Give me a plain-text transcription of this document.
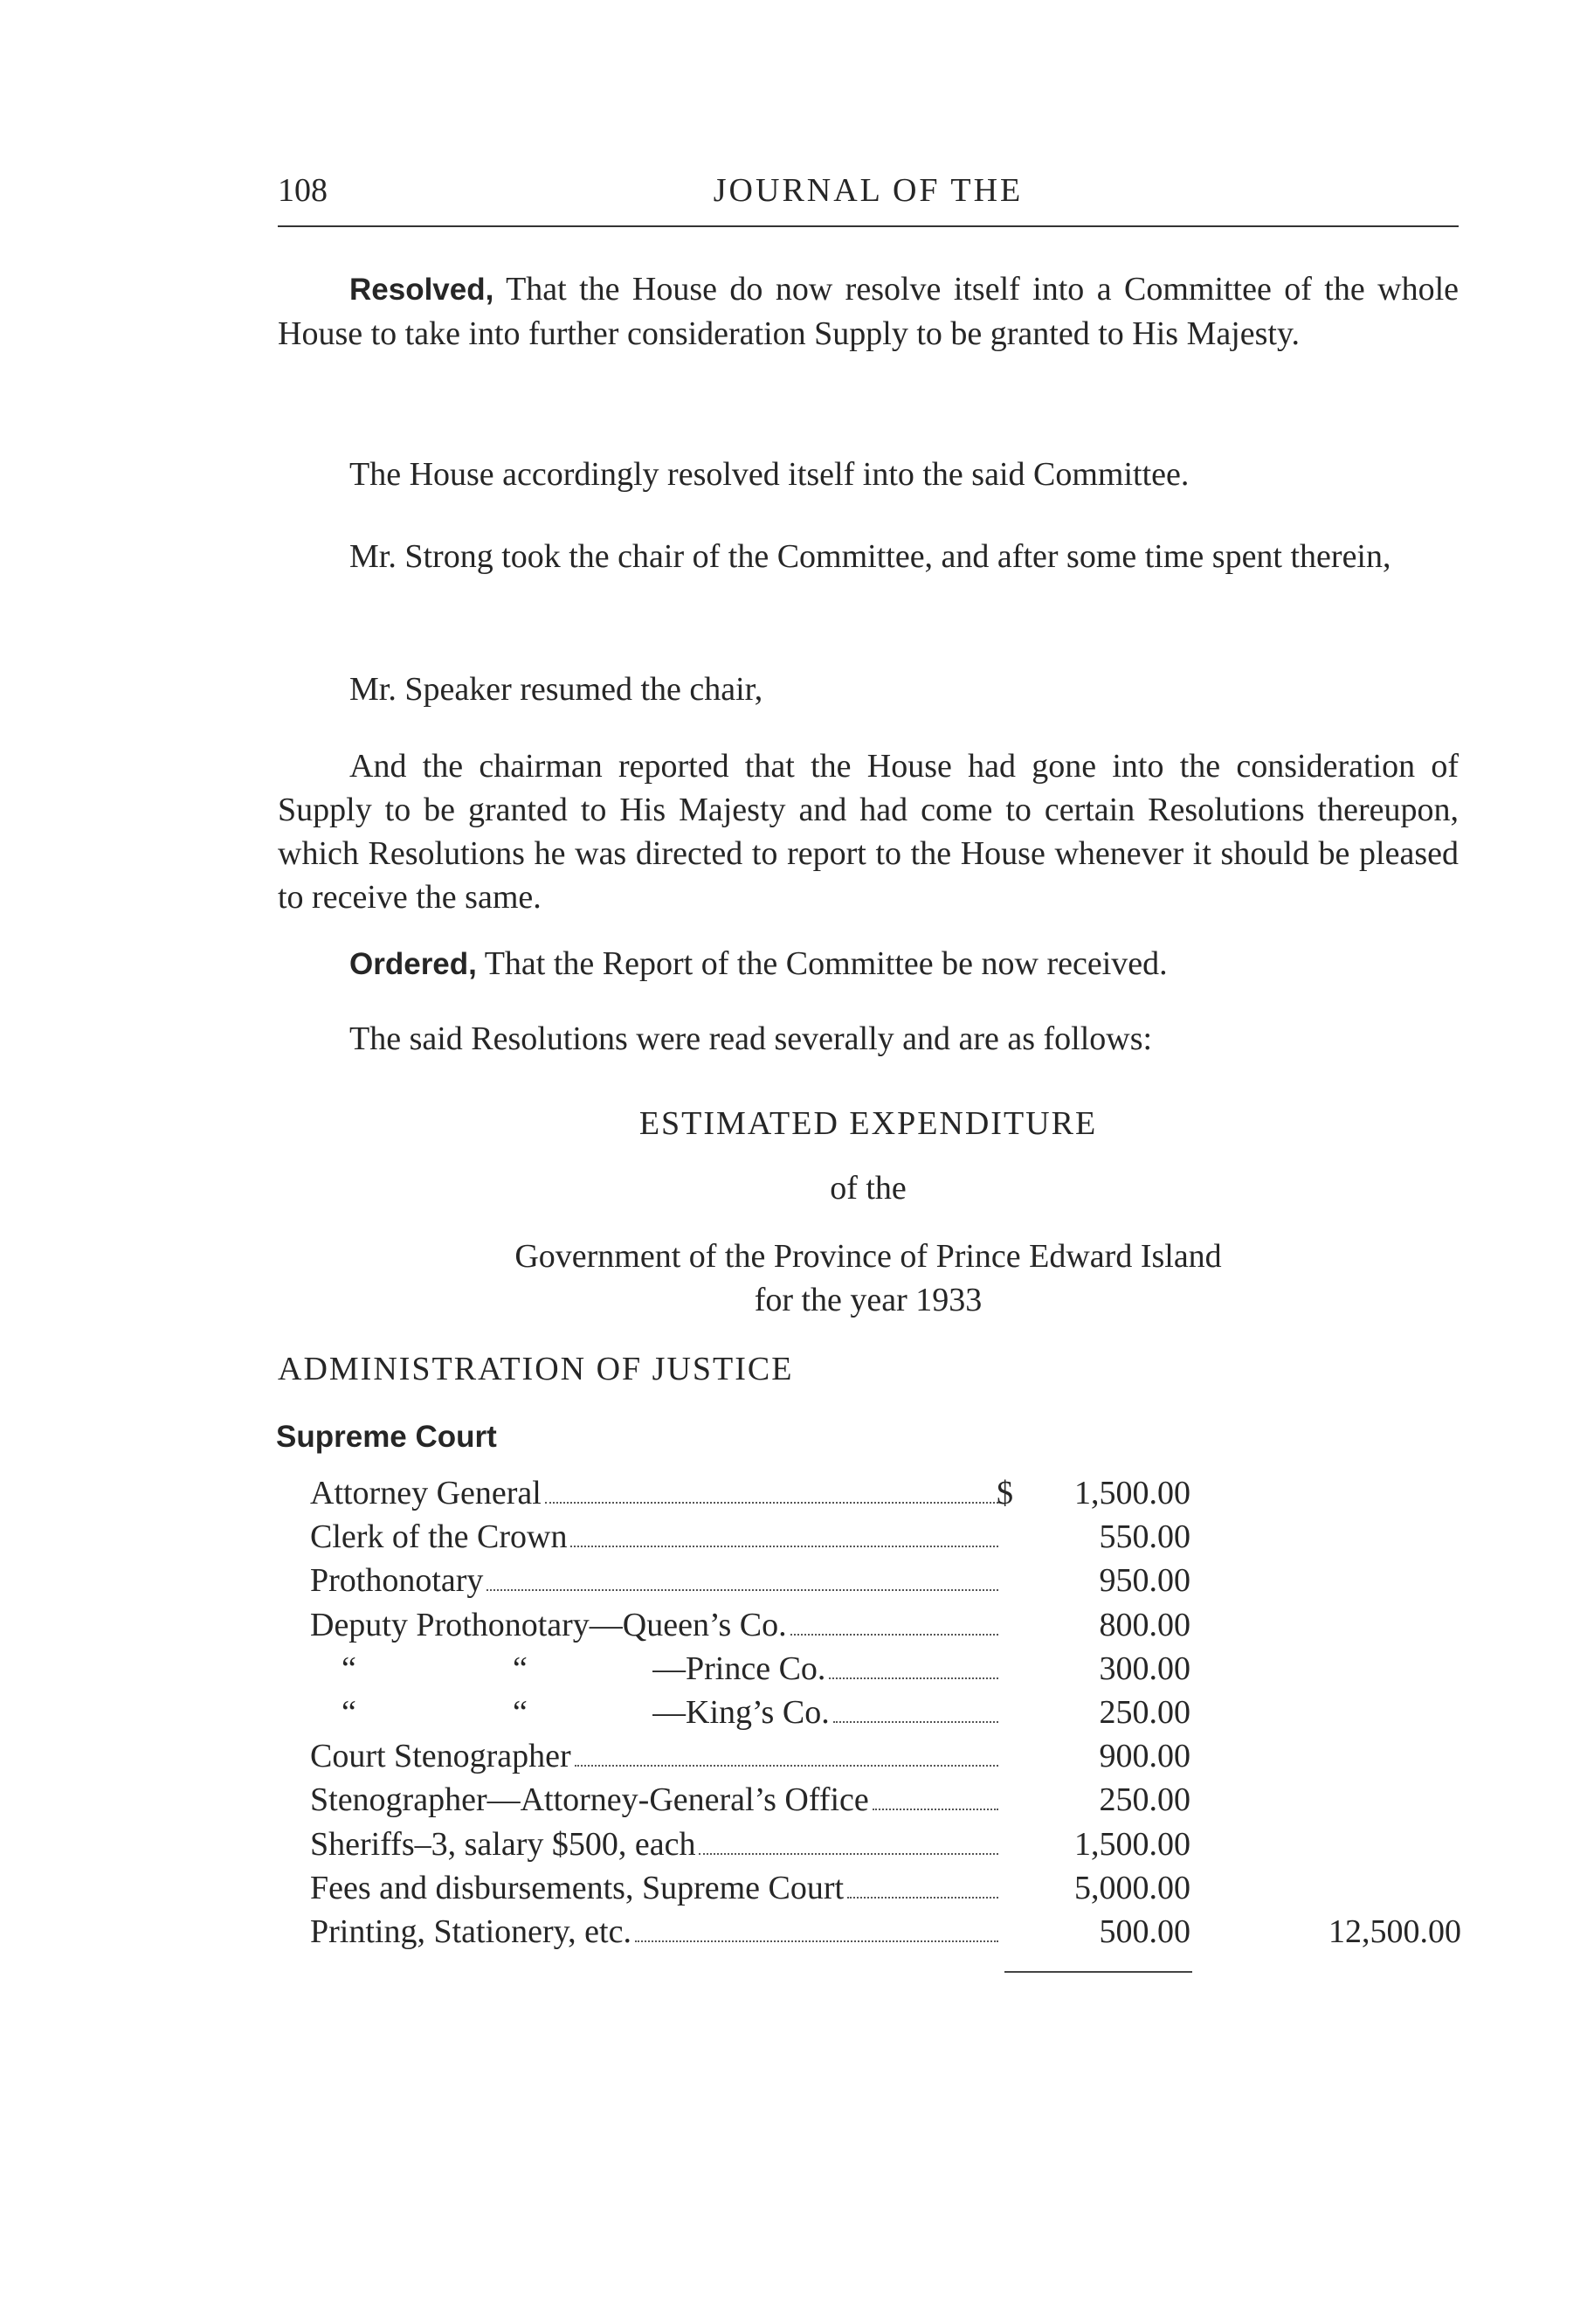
108	JOURNAL OF THE

Resolved, That the House do now resolve itself into a Committee of the whole House to take into further consideration Supply to be granted to His Majesty.

The House accordingly resolved itself into the said Committee.

Mr. Strong took the chair of the Committee, and after some time spent therein,

Mr. Speaker resumed the chair,

And the chairman reported that the House had gone into the consideration of Supply to be granted to His Majesty and had come to certain Resolutions thereupon, which Resolutions he was directed to report to the House whenever it should be pleased to receive the same.

Ordered, That the Report of the Committee be now received.

The said Resolutions were read severally and are as follows:

ESTIMATED EXPENDITURE

of the

Government of the Province of Prince Edward Island

for the year 1933

ADMINISTRATION OF JUSTICE

Supreme Court

Attorney General	$	1,500.00
Clerk of the Crown	550.00
Prothonotary	950.00
Deputy Prothonotary—Queen’s Co.	800.00
“	“	—Prince Co.	300.00
“	“	—King’s Co.	250.00
Court Stenographer	900.00
Stenographer—Attorney-General’s Office	250.00
Sheriffs–3, salary $500, each	1,500.00
Fees and disbursements, Supreme Court	5,000.00
Printing, Stationery, etc.	500.00	12,500.00
